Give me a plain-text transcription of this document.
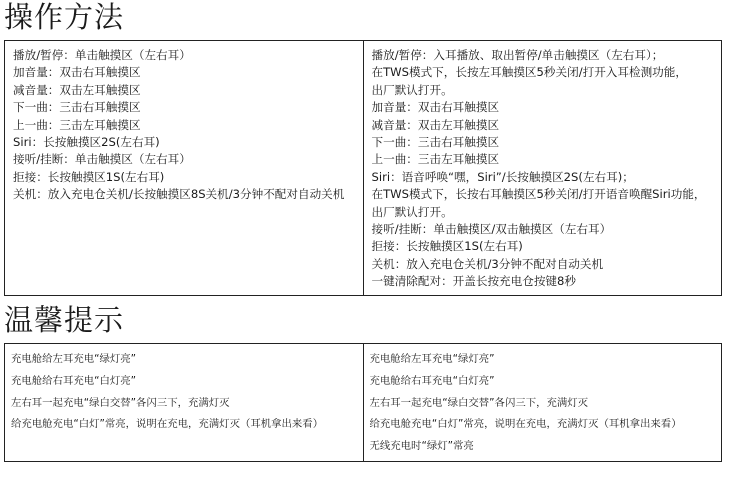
操作方法
播放/暂停：单击触摸区（左右耳）
加音量：双击右耳触摸区
减音量：双击左耳触摸区
下一曲：三击右耳触摸区
上一曲：三击左耳触摸区
Siri：长按触摸区2S(左右耳)
接听/挂断：单击触摸区（左右耳）
拒接：长按触摸区1S(左右耳)
关机：放入充电仓关机/长按触摸区8S关机/3分钟不配对自动关机
播放/暂停：入耳播放、取出暂停/单击触摸区（左右耳）；
在TWS模式下，长按左耳触摸区5秒关闭/打开入耳检测功能，
出厂默认打开。
加音量：双击右耳触摸区
减音量：双击左耳触摸区
下一曲：三击右耳触摸区
上一曲：三击左耳触摸区
Siri：语音呼唤“嘿，Siri”/长按触摸区2S(左右耳)；
在TWS模式下，长按右耳触摸区5秒关闭/打开语音唤醒Siri功能，
出厂默认打开。
接听/挂断：单击触摸区/双击触摸区（左右耳）
拒接：长按触摸区1S(左右耳)
关机：放入充电仓关机/3分钟不配对自动关机
一键清除配对：开盖长按充电仓按键8秒
温馨提示
充电舱给左耳充电“绿灯亮”
充电舱给右耳充电“白灯亮”
左右耳一起充电“绿白交替”各闪三下，充满灯灭
给充电舱充电“白灯”常亮，说明在充电，充满灯灭（耳机拿出来看）
充电舱给左耳充电“绿灯亮”
充电舱给右耳充电“白灯亮”
左右耳一起充电“绿白交替”各闪三下，充满灯灭
给充电舱充电“白灯”常亮，说明在充电，充满灯灭（耳机拿出来看）
无线充电时“绿灯”常亮
